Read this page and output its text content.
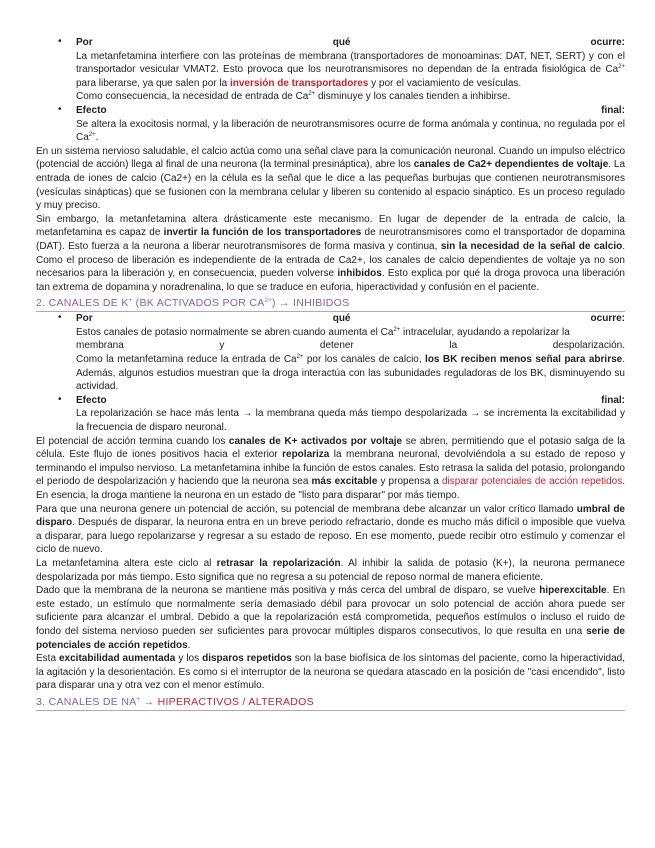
• Por	qué	ocurre:
La metanfetamina interfiere con las proteínas de membrana (transportadores de monoaminas: DAT, NET, SERT) y con el transportador vesicular VMAT2. Esto provoca que los neurotransmisores no dependan de la entrada fisiológica de $Ca^{2+}$ para liberarse, ya que salen por la inversión de transportadores y por el vaciamiento de vesículas.
Como consecuencia, la necesidad de entrada de $Ca^{2+}$ disminuye y los canales tienden a inhibirse.
• Efecto	final:
Se altera la exocitosis normal, y la liberación de neurotransmisores ocurre de forma anómala y continua, no regulada por el $Ca^{2+}$.

En un sistema nervioso saludable, el calcio actúa como una señal clave para la comunicación neuronal. Cuando un impulso eléctrico (potencial de acción) llega al final de una neurona (la terminal presináptica), abre los canales de Ca2+ dependientes de voltaje. La entrada de iones de calcio (Ca2+) en la célula es la señal que le dice a las pequeñas burbujas que contienen neurotransmisores (vesículas sinápticas) que se fusionen con la membrana celular y liberen su contenido al espacio sináptico. Es un proceso regulado y muy preciso.

Sin embargo, la metanfetamina altera drásticamente este mecanismo. En lugar de depender de la entrada de calcio, la metanfetamina es capaz de invertir la función de los transportadores de neurotransmisores como el transportador de dopamina (DAT). Esto fuerza a la neurona a liberar neurotransmisores de forma masiva y continua, sin la necesidad de la señal de calcio. Como el proceso de liberación es independiente de la entrada de Ca2+, los canales de calcio dependientes de voltaje ya no son necesarios para la liberación y, en consecuencia, pueden volverse inhibidos. Esto explica por qué la droga provoca una liberación tan extrema de dopamina y noradrenalina, lo que se traduce en euforia, hiperactividad y confusión en el paciente.

2. CANALES DE K+ (BK ACTIVADOS POR $CA^{2+}$) → INHIBIDOS
• Por	qué	ocurre:
Estos canales de potasio normalmente se abren cuando aumenta el $Ca^{2+}$ intracelular, ayudando a repolarizar la
membrana	y	detener	la	despolarización.
Como la metanfetamina reduce la entrada de $Ca^{2+}$ por los canales de calcio, los BK reciben menos señal para abrirse. Además, algunos estudios muestran que la droga interactúa con las subunidades reguladoras de los BK, disminuyendo su actividad.
• Efecto	final:
La repolarización se hace más lenta → la membrana queda más tiempo despolarizada → se incrementa la excitabilidad y la frecuencia de disparo neuronal.

El potencial de acción termina cuando los canales de K+ activados por voltaje se abren, permitiendo que el potasio salga de la célula. Este flujo de iones positivos hacia el exterior repolariza la membrana neuronal, devolviéndola a su estado de reposo y terminando el impulso nervioso. La metanfetamina inhibe la función de estos canales. Esto retrasa la salida del potasio, prolongando el periodo de despolarización y haciendo que la neurona sea más excitable y propensa a disparar potenciales de acción repetidos. En esencia, la droga mantiene la neurona en un estado de "listo para disparar" por más tiempo.

Para que una neurona genere un potencial de acción, su potencial de membrana debe alcanzar un valor crítico llamado umbral de disparo. Después de disparar, la neurona entra en un breve periodo refractario, donde es mucho más difícil o imposible que vuelva a disparar, para luego repolarizarse y regresar a su estado de reposo. En ese momento, puede recibir otro estímulo y comenzar el ciclo de nuevo.

La metanfetamina altera este ciclo al retrasar la repolarización. Al inhibir la salida de potasio (K+), la neurona permanece despolarizada por más tiempo. Esto significa que no regresa a su potencial de reposo normal de manera eficiente.

Dado que la membrana de la neurona se mantiene más positiva y más cerca del umbral de disparo, se vuelve hiperexcitable. En este estado, un estímulo que normalmente sería demasiado débil para provocar un solo potencial de acción ahora puede ser suficiente para alcanzar el umbral. Debido a que la repolarización está comprometida, pequeños estímulos o incluso el ruido de fondo del sistema nervioso pueden ser suficientes para provocar múltiples disparos consecutivos, lo que resulta en una serie de potenciales de acción repetidos.

Esta excitabilidad aumentada y los disparos repetidos son la base biofísica de los síntomas del paciente, como la hiperactividad, la agitación y la desorientación. Es como si el interruptor de la neurona se quedara atascado en la posición de "casi encendido", listo para disparar una y otra vez con el menor estímulo.

3. CANALES DE NA+ → HIPERACTIVOS / ALTERADOS
